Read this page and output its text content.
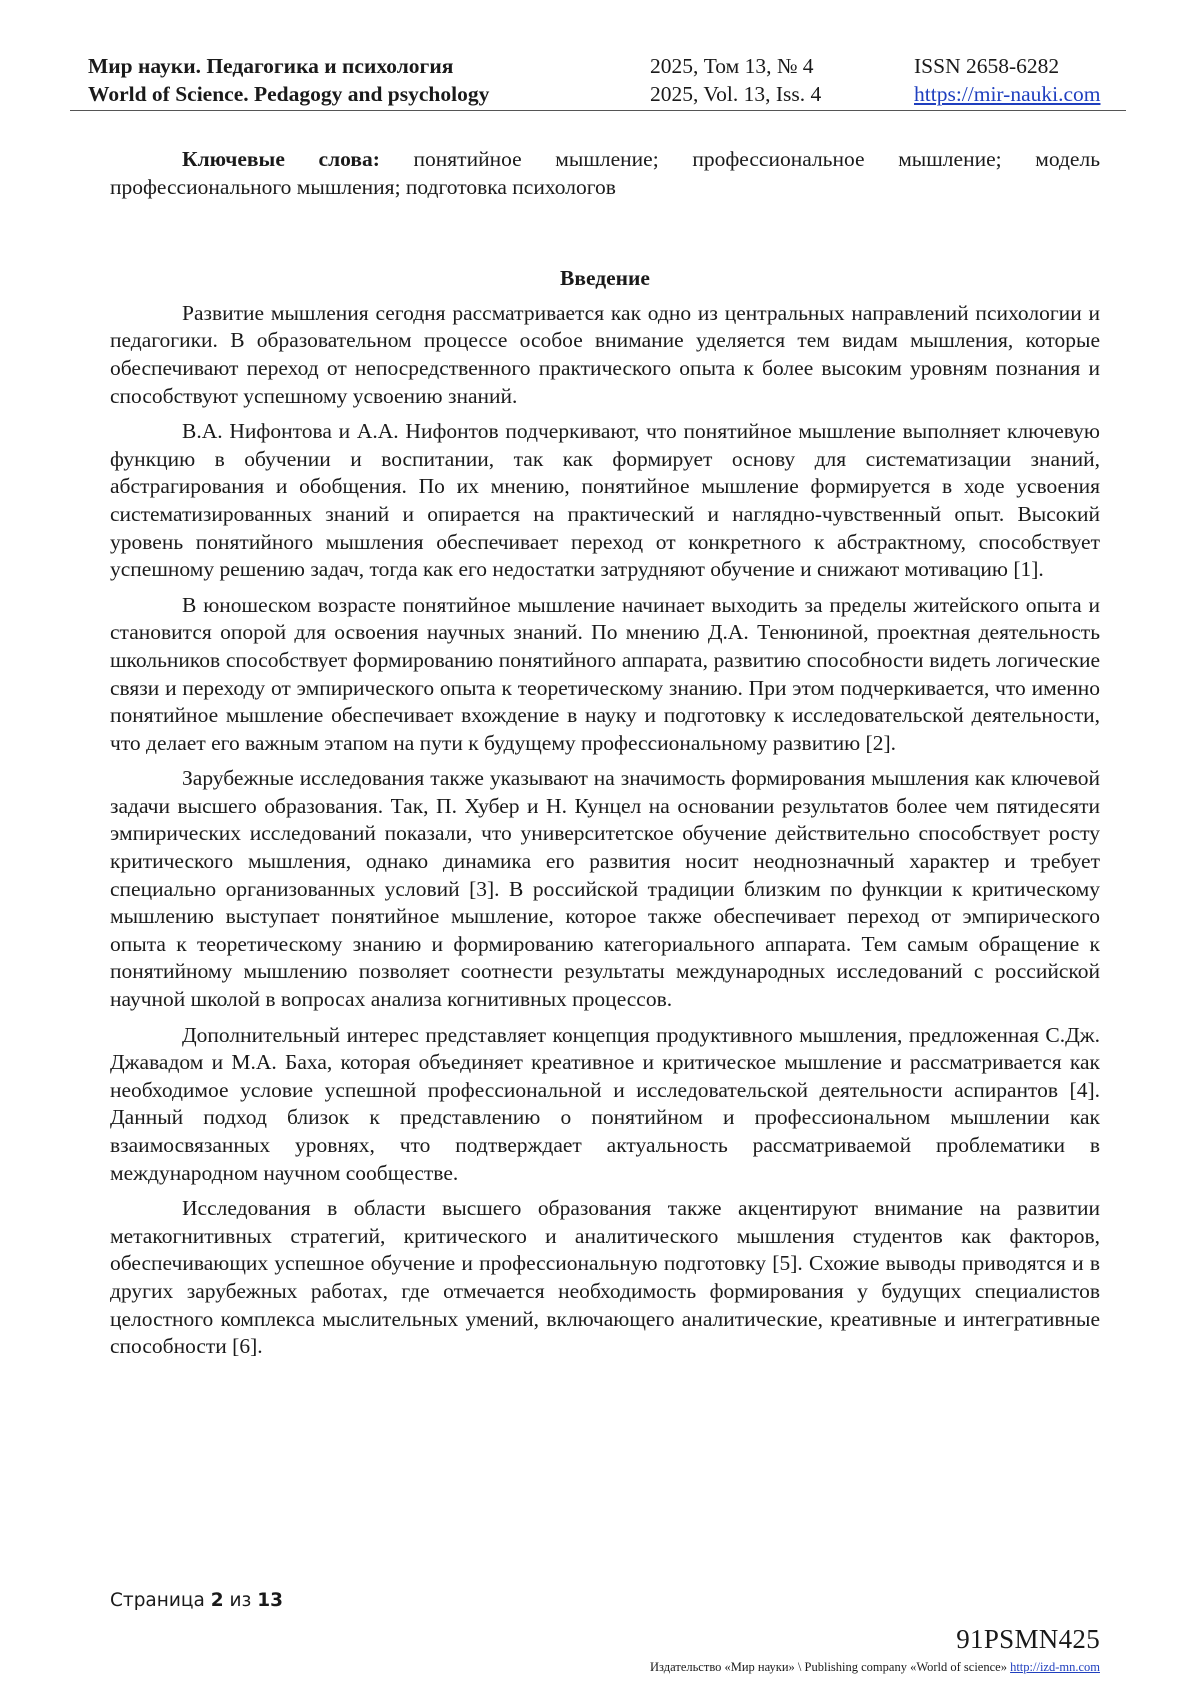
Мир науки. Педагогика и психология
World of Science. Pedagogy and psychology
2025, Том 13, № 4
2025, Vol. 13, Iss. 4
ISSN 2658-6282
https://mir-nauki.com

Ключевые слова: понятийное мышление; профессиональное мышление; модель профессионального мышления; подготовка психологов

Введение

Развитие мышления сегодня рассматривается как одно из центральных направлений психологии и педагогики. В образовательном процессе особое внимание уделяется тем видам мышления, которые обеспечивают переход от непосредственного практического опыта к более высоким уровням познания и способствуют успешному усвоению знаний.

В.А. Нифонтова и А.А. Нифонтов подчеркивают, что понятийное мышление выполняет ключевую функцию в обучении и воспитании, так как формирует основу для систематизации знаний, абстрагирования и обобщения. По их мнению, понятийное мышление формируется в ходе усвоения систематизированных знаний и опирается на практический и наглядно-чувственный опыт. Высокий уровень понятийного мышления обеспечивает переход от конкретного к абстрактному, способствует успешному решению задач, тогда как его недостатки затрудняют обучение и снижают мотивацию [1].

В юношеском возрасте понятийное мышление начинает выходить за пределы житейского опыта и становится опорой для освоения научных знаний. По мнению Д.А. Тенюниной, проектная деятельность школьников способствует формированию понятийного аппарата, развитию способности видеть логические связи и переходу от эмпирического опыта к теоретическому знанию. При этом подчеркивается, что именно понятийное мышление обеспечивает вхождение в науку и подготовку к исследовательской деятельности, что делает его важным этапом на пути к будущему профессиональному развитию [2].

Зарубежные исследования также указывают на значимость формирования мышления как ключевой задачи высшего образования. Так, П. Хубер и Н. Кунцел на основании результатов более чем пятидесяти эмпирических исследований показали, что университетское обучение действительно способствует росту критического мышления, однако динамика его развития носит неоднозначный характер и требует специально организованных условий [3]. В российской традиции близким по функции к критическому мышлению выступает понятийное мышление, которое также обеспечивает переход от эмпирического опыта к теоретическому знанию и формированию категориального аппарата. Тем самым обращение к понятийному мышлению позволяет соотнести результаты международных исследований с российской научной школой в вопросах анализа когнитивных процессов.

Дополнительный интерес представляет концепция продуктивного мышления, предложенная С.Дж. Джавадом и М.А. Баха, которая объединяет креативное и критическое мышление и рассматривается как необходимое условие успешной профессиональной и исследовательской деятельности аспирантов [4]. Данный подход близок к представлению о понятийном и профессиональном мышлении как взаимосвязанных уровнях, что подтверждает актуальность рассматриваемой проблематики в международном научном сообществе.

Исследования в области высшего образования также акцентируют внимание на развитии метакогнитивных стратегий, критического и аналитического мышления студентов как факторов, обеспечивающих успешное обучение и профессиональную подготовку [5]. Схожие выводы приводятся и в других зарубежных работах, где отмечается необходимость формирования у будущих специалистов целостного комплекса мыслительных умений, включающего аналитические, креативные и интегративные способности [6].

Страница 2 из 13
91PSMN425
Издательство «Мир науки» \ Publishing company «World of science» http://izd-mn.com
